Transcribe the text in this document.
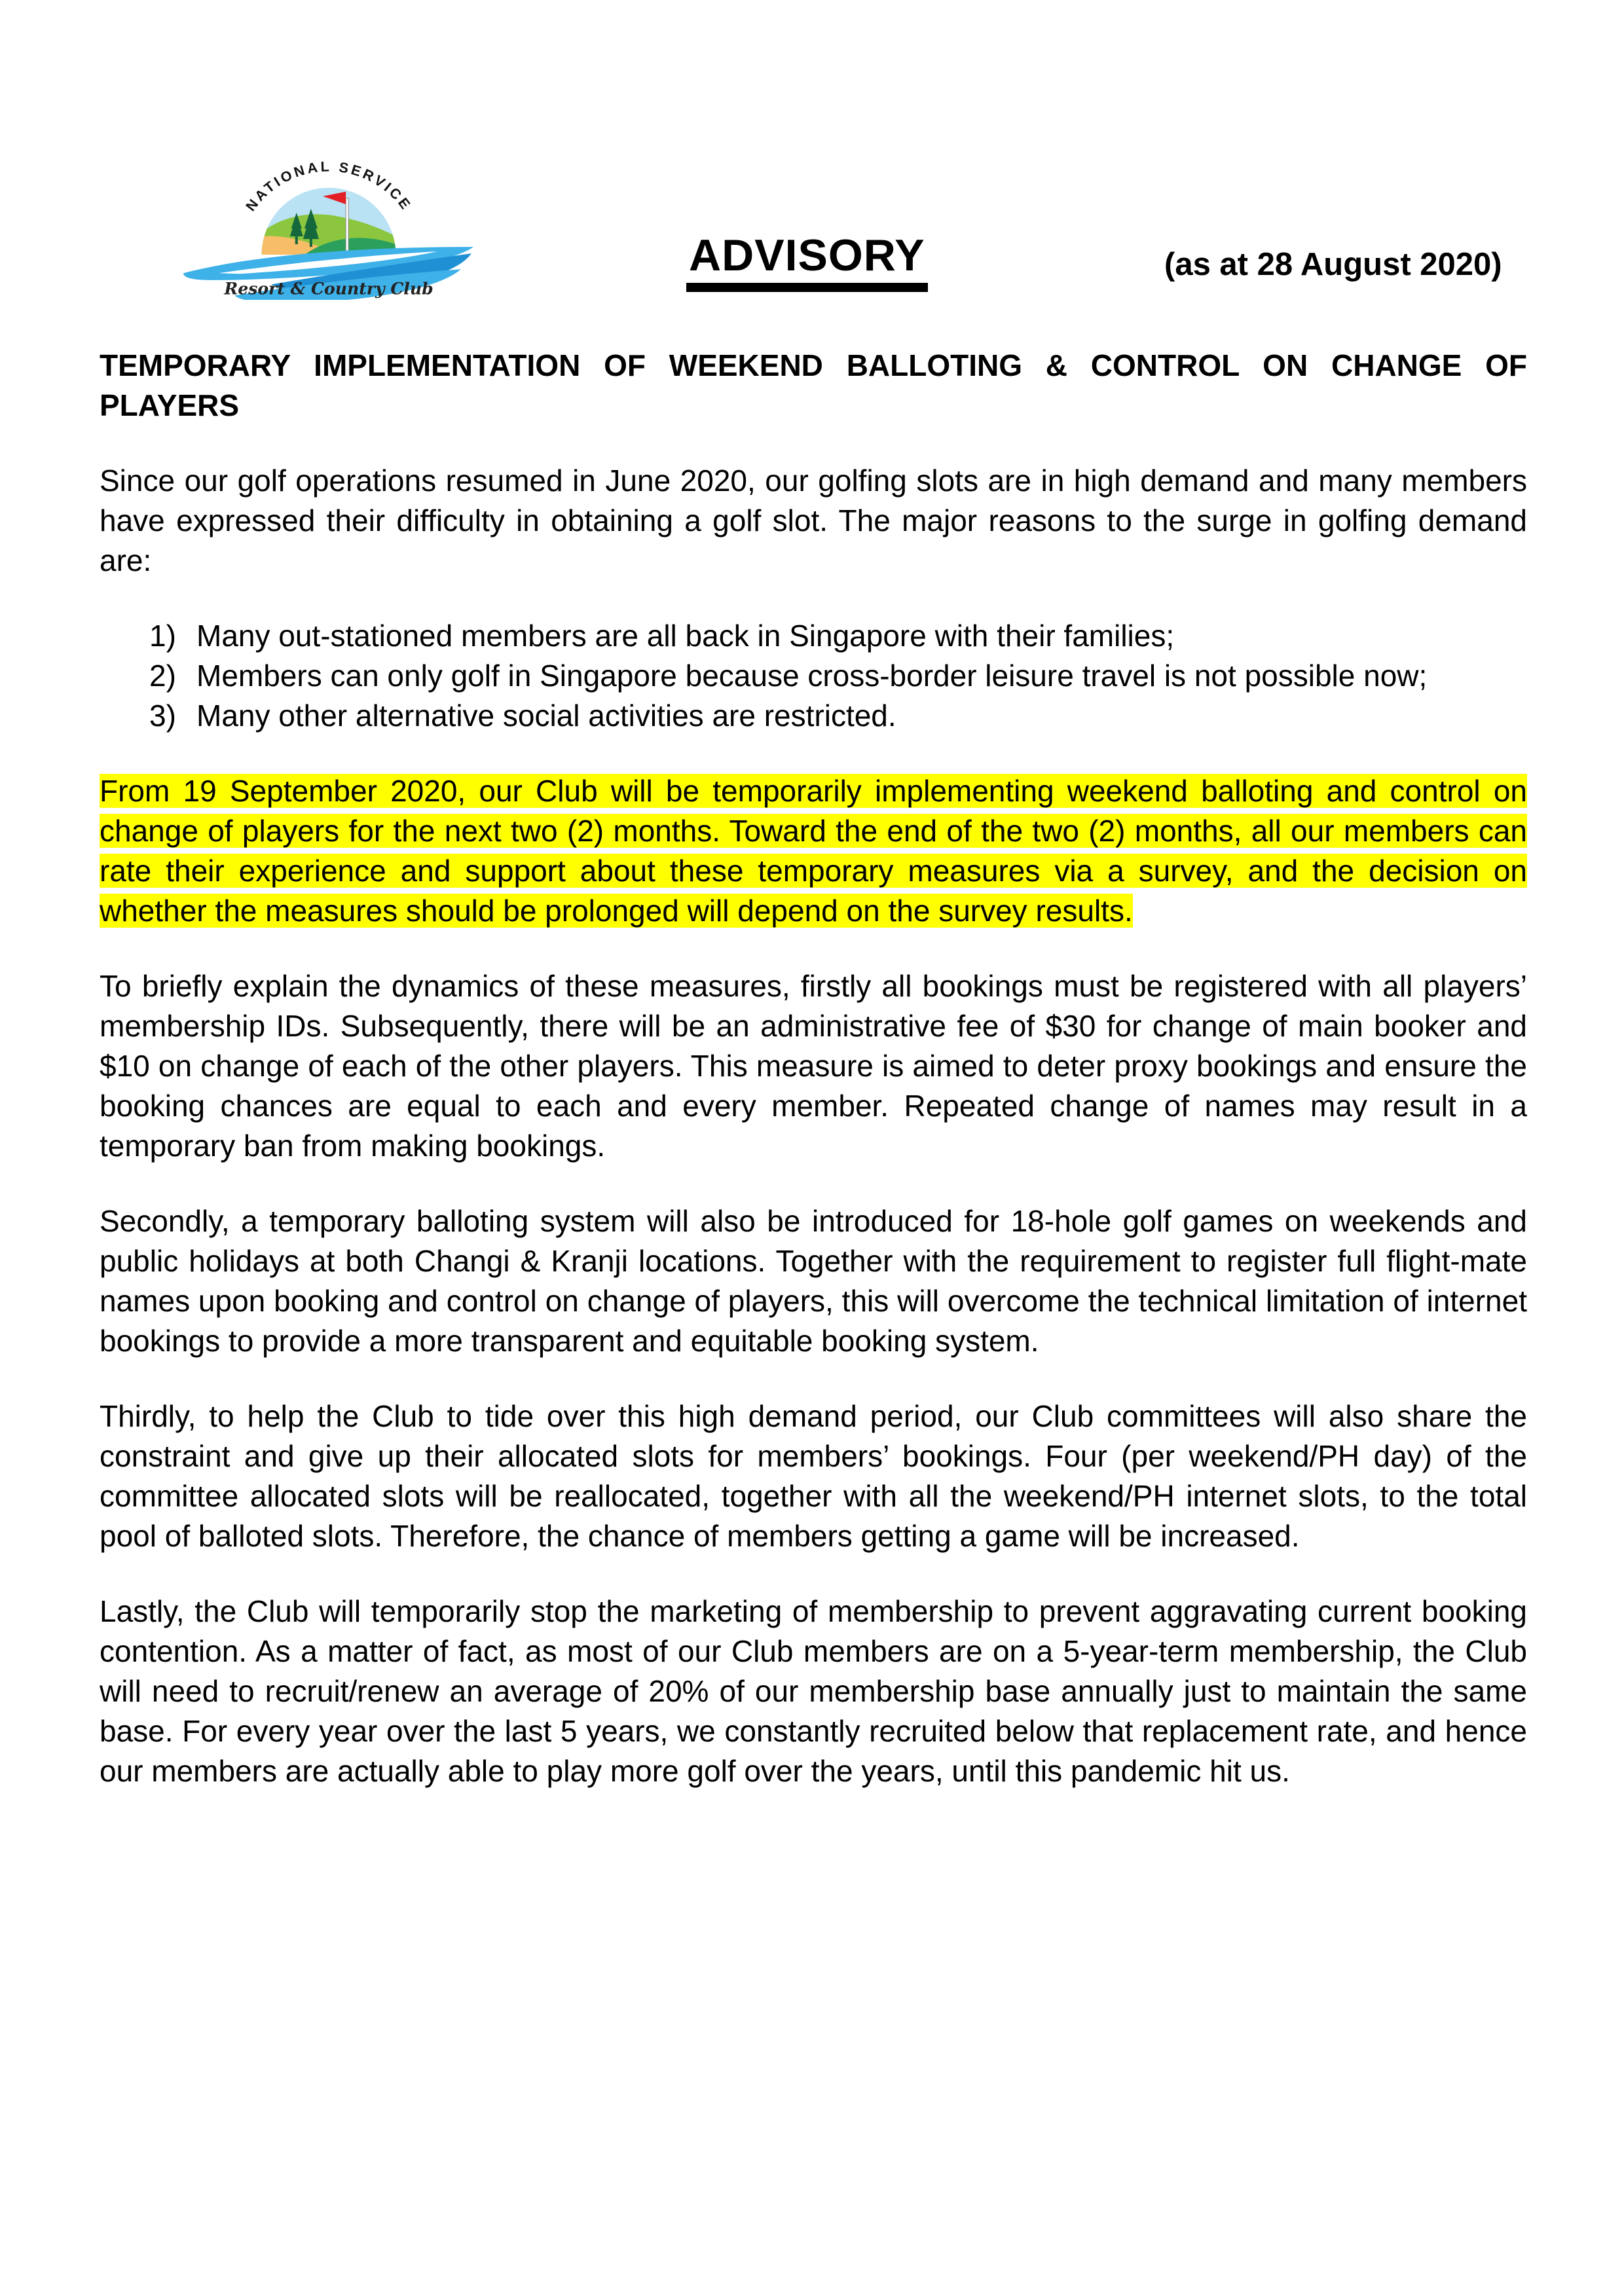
NATIONAL SERVICE
Resort & Country Club
ADVISORY	(as at 28 August 2020)
TEMPORARY IMPLEMENTATION OF WEEKEND BALLOTING & CONTROL ON CHANGE OF
PLAYERS

Since our golf operations resumed in June 2020, our golfing slots are in high demand and many members have expressed their difficulty in obtaining a golf slot. The major reasons to the surge in golfing demand are:

1) Many out-stationed members are all back in Singapore with their families;
2) Members can only golf in Singapore because cross-border leisure travel is not possible now;
3) Many other alternative social activities are restricted.

From 19 September 2020, our Club will be temporarily implementing weekend balloting and control on change of players for the next two (2) months. Toward the end of the two (2) months, all our members can rate their experience and support about these temporary measures via a survey, and the decision on whether the measures should be prolonged will depend on the survey results.

To briefly explain the dynamics of these measures, firstly all bookings must be registered with all players’ membership IDs. Subsequently, there will be an administrative fee of $30 for change of main booker and $10 on change of each of the other players. This measure is aimed to deter proxy bookings and ensure the booking chances are equal to each and every member. Repeated change of names may result in a temporary ban from making bookings.

Secondly, a temporary balloting system will also be introduced for 18-hole golf games on weekends and public holidays at both Changi & Kranji locations. Together with the requirement to register full flight-mate names upon booking and control on change of players, this will overcome the technical limitation of internet bookings to provide a more transparent and equitable booking system.

Thirdly, to help the Club to tide over this high demand period, our Club committees will also share the constraint and give up their allocated slots for members’ bookings. Four (per weekend/PH day) of the committee allocated slots will be reallocated, together with all the weekend/PH internet slots, to the total pool of balloted slots. Therefore, the chance of members getting a game will be increased.

Lastly, the Club will temporarily stop the marketing of membership to prevent aggravating current booking contention. As a matter of fact, as most of our Club members are on a 5-year-term membership, the Club will need to recruit/renew an average of 20% of our membership base annually just to maintain the same base. For every year over the last 5 years, we constantly recruited below that replacement rate, and hence our members are actually able to play more golf over the years, until this pandemic hit us.
